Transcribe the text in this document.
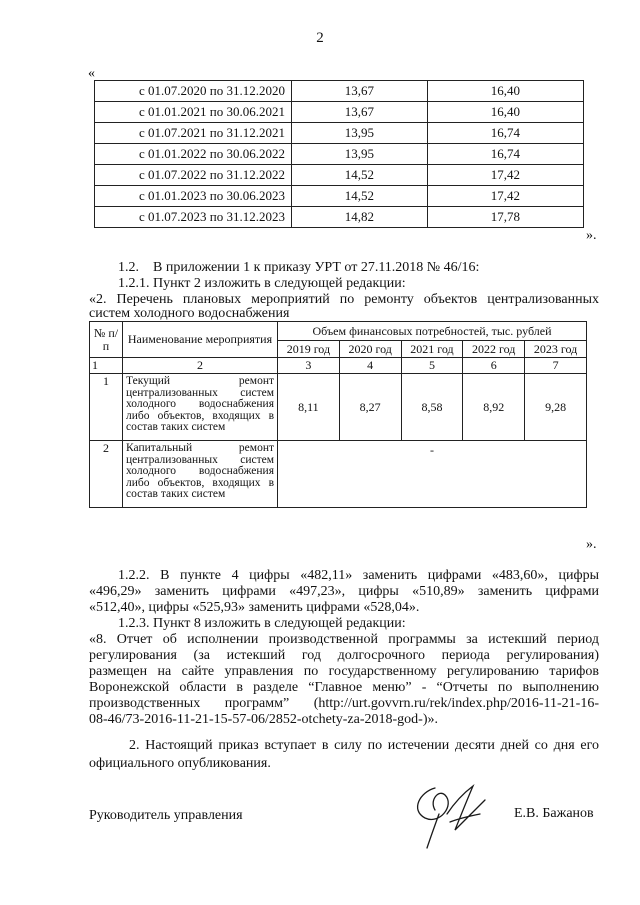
2
«
с 01.07.2020 по 31.12.2020	13,67	16,40
с 01.01.2021 по 30.06.2021	13,67	16,40
с 01.07.2021 по 31.12.2021	13,95	16,74
с 01.01.2022 по 30.06.2022	13,95	16,74
с 01.07.2022 по 31.12.2022	14,52	17,42
с 01.01.2023 по 30.06.2023	14,52	17,42
с 01.07.2023 по 31.12.2023	14,82	17,78
».
1.2.    В приложении 1 к приказу УРТ от 27.11.2018 № 46/16:
1.2.1. Пункт 2 изложить в следующей редакции:
«2. Перечень плановых мероприятий по ремонту объектов централизованных
систем холодного водоснабжения
№ п/п	Наименование мероприятия	Объем финансовых потребностей, тыс. рублей				
		2019 год	2020 год	2021 год	2022 год	2023 год
1	2	3	4	5	6	7
1	Текущий ремонт централизованных систем холодного водоснабжения либо объектов, входящих в состав таких систем	8,11	8,27	8,58	8,92	9,28
2	Капитальный ремонт централизованных систем холодного водоснабжения либо объектов, входящих в состав таких систем	-				
».
1.2.2. В пункте 4 цифры «482,11» заменить цифрами «483,60», цифры
«496,29» заменить цифрами «497,23», цифры «510,89» заменить цифрами
«512,40», цифры «525,93» заменить цифрами «528,04».
1.2.3. Пункт 8 изложить в следующей редакции:
«8. Отчет об исполнении производственной программы за истекший период
регулирования (за истекший год долгосрочного периода регулирования)
размещен на сайте управления по государственному регулированию тарифов
Воронежской области в разделе “Главное меню” - “Отчеты по выполнению
производственных программ” (http://urt.govvrn.ru/rek/index.php/2016-11-21-16-
08-46/73-2016-11-21-15-57-06/2852-otchety-za-2018-god-)».
2. Настоящий приказ вступает в силу по истечении десяти дней со дня его
официального опубликования.
Руководитель управления	Е.В. Бажанов
